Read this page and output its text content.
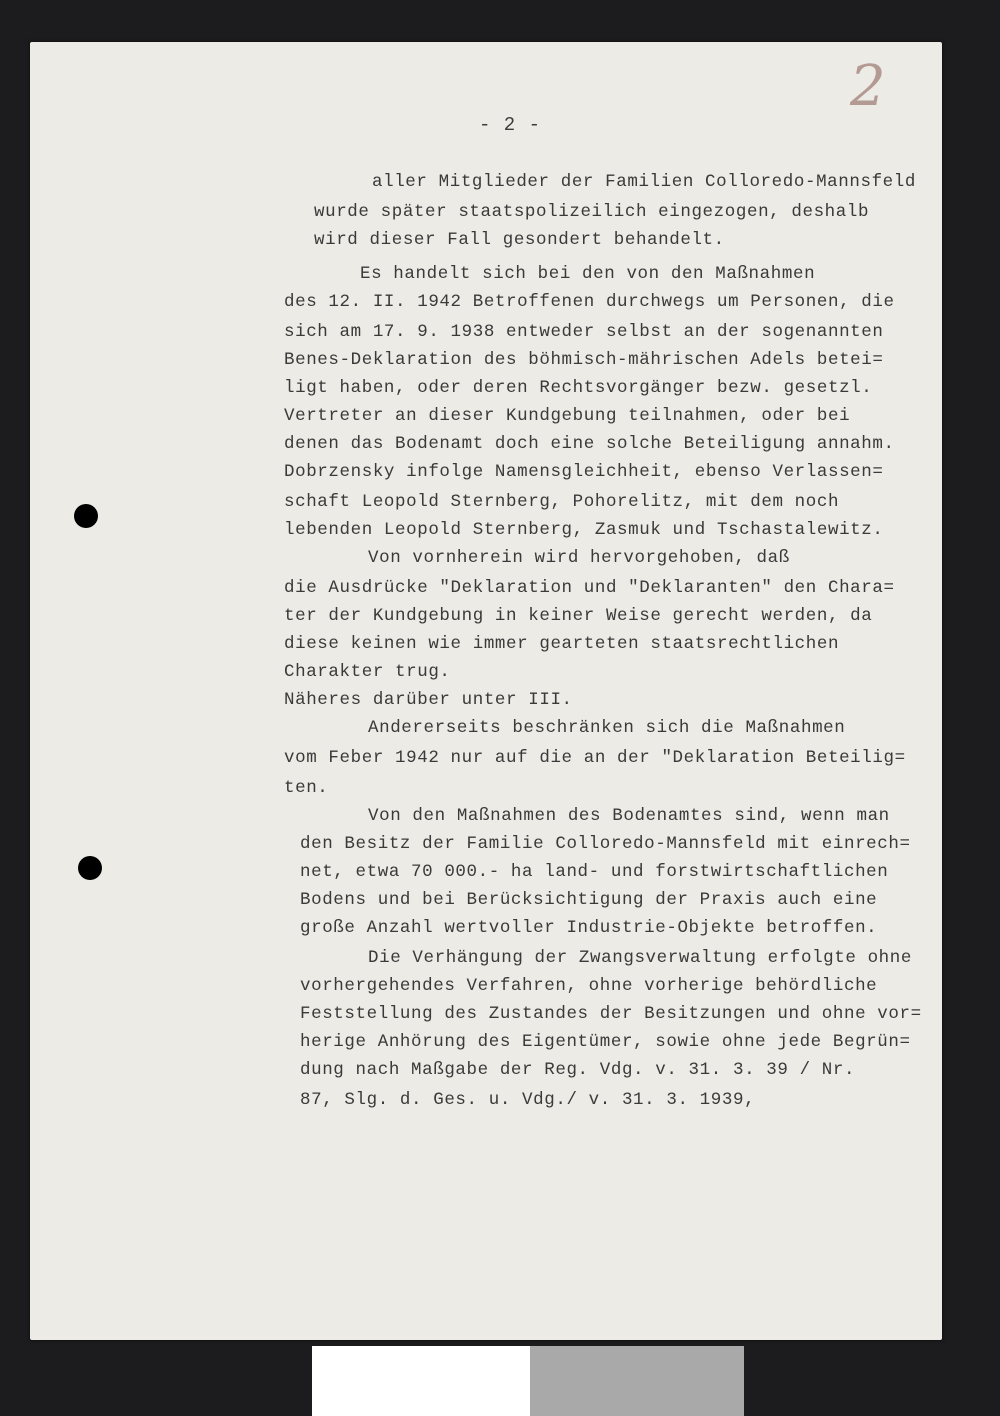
2
- 2 -
aller Mitglieder der Familien Colloredo-Mannsfeld
wurde später staatspolizeilich eingezogen, deshalb
wird dieser Fall gesondert behandelt.
Es handelt sich bei den von den Maßnahmen
des 12. II. 1942 Betroffenen durchwegs um Personen, die
sich am 17. 9. 1938 entweder selbst an der sogenannten
Benes-Deklaration des böhmisch-mährischen Adels betei=
ligt haben, oder deren Rechtsvorgänger bezw. gesetzl.
Vertreter an dieser Kundgebung teilnahmen, oder bei
denen das Bodenamt doch eine solche Beteiligung annahm.
Dobrzensky infolge Namensgleichheit, ebenso Verlassen=
schaft Leopold Sternberg, Pohorelitz, mit dem noch
lebenden Leopold Sternberg, Zasmuk und Tschastalewitz.
Von vornherein wird hervorgehoben, daß
die Ausdrücke "Deklaration und "Deklaranten" den Chara=
ter der Kundgebung in keiner Weise gerecht werden, da
diese keinen wie immer gearteten staatsrechtlichen
Charakter trug.
Näheres darüber unter III.
Andererseits beschränken sich die Maßnahmen
vom Feber 1942 nur auf die an der "Deklaration Beteilig=
ten.
Von den Maßnahmen des Bodenamtes sind, wenn man
den Besitz der Familie Colloredo-Mannsfeld mit einrech=
net, etwa 70 000.- ha land- und forstwirtschaftlichen
Bodens und bei Berücksichtigung der Praxis auch eine
große Anzahl wertvoller Industrie-Objekte betroffen.
Die Verhängung der Zwangsverwaltung erfolgte ohne
vorhergehendes Verfahren, ohne vorherige behördliche
Feststellung des Zustandes der Besitzungen und ohne vor=
herige Anhörung des Eigentümer, sowie ohne jede Begrün=
dung nach Maßgabe der Reg. Vdg. v. 31. 3. 39 / Nr.
87, Slg. d. Ges. u. Vdg./ v. 31. 3. 1939,
